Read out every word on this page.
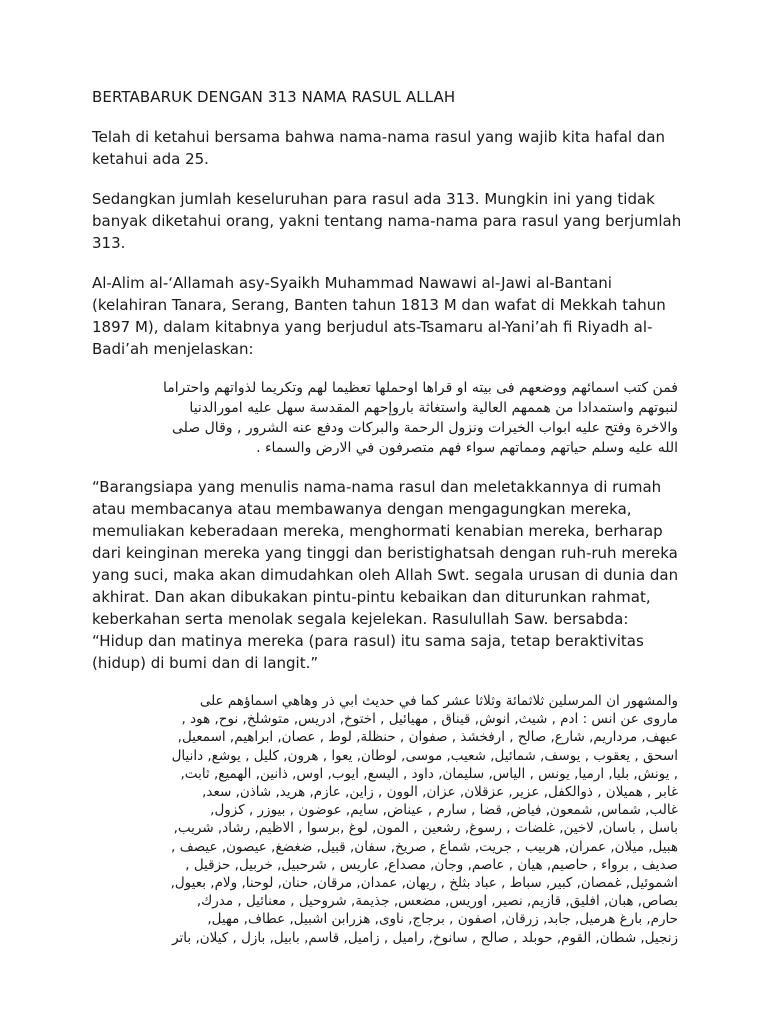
BERTABARUK DENGAN 313 NAMA RASUL ALLAH

Telah di ketahui bersama bahwa nama-nama rasul yang wajib kita hafal dan ketahui ada 25.

Sedangkan jumlah keseluruhan para rasul ada 313. Mungkin ini yang tidak banyak diketahui orang, yakni tentang nama-nama para rasul yang berjumlah 313.

Al-Alim al-‘Allamah asy-Syaikh Muhammad Nawawi al-Jawi al-Bantani (kelahiran Tanara, Serang, Banten tahun 1813 M dan wafat di Mekkah tahun 1897 M), dalam kitabnya yang berjudul ats-Tsamaru al-Yani’ah fi Riyadh al-Badi’ah menjelaskan:

فمن كتب اسمائهم ووضعهم فى بيته او قراها اوحملها تعظيما لهم وتكريما لذواتهم واحتراما
لنبوتهم واستمدادا من هممهم العالية واستغاثة باروإحهم المقدسة سهل عليه امورالدنيا
والاخرة وفتح عليه ابواب الخيرات ونزول الرحمة والبركات ودفع عنه الشرور , وقال صلى
الله عليه وسلم حياتهم ومماتهم سواء فهم متصرفون في الارض والسماء .

“Barangsiapa yang menulis nama-nama rasul dan meletakkannya di rumah atau membacanya atau membawanya dengan mengagungkan mereka, memuliakan keberadaan mereka, menghormati kenabian mereka, berharap dari keinginan mereka yang tinggi dan beristighatsah dengan ruh-ruh mereka yang suci, maka akan dimudahkan oleh Allah Swt. segala urusan di dunia dan akhirat. Dan akan dibukakan pintu-pintu kebaikan dan diturunkan rahmat, keberkahan serta menolak segala kejelekan. Rasulullah Saw. bersabda: “Hidup dan matinya mereka (para rasul) itu sama saja, tetap beraktivitas (hidup) di bumi dan di langit.”

والمشهور ان المرسلين ثلاثمائة وثلاثا عشر كما في حديث ابي ذر وهاهي اسماؤهم على
ماروى عن انس : ادم , شيث, انوش, قيناق , مهيائيل , اختوخ, ادريس, متوشلخ, نوح, هود ,
عبهف, مرداريم, شارع, صالح , ارفخشذ , صفوان , حنظلة, لوط , عصان, ابراهيم, اسمعيل,
اسحق , يعقوب , يوسف, شمائيل, شعيب, موسى, لوطان, يعوا , هرون, كليل , يوشع, دانيال
, يونش, بليا, ارميا, يونس , الياس, سليمان, داود , اليسع, ايوب, اوس, ذانين, الهميع, ثابت,
غابر , هميلان , ذوالكفل, عزير, عزقلان, عزان, الوون , زاين, عازم, هريد, شاذن, سعد,
غالب, شماس, شمعون, فياض, قضا , سارم , عيناض, سايم, عوضون , بيوزر , كزول,
باسل , باسان, لاخين, غلضات , رسوغ, رشعين , المون, لوغ ,برسوا , الاظيم, رشاد, شريب,
هبيل, ميلان, عمران, هربيب , جريت, شماع , صريخ, سفان, قبيل, ضغضغ, عيصون, عيصف ,
صديف , برواء , حاصيم, هيان , عاصم, وجان, مصداع, عاريس , شرحبيل, خربيل, حزقيل ,
اشموئيل, غمصان, كبير, سباط , عباد بثلخ , ريهان, عمدان, مرقان, حنان, لوحنا, ولام, بعيول,
بصاص, هبان, افليق, قازيم, نصير, اوريس, مضعس, جذيمة, شروحيل , معنائيل , مدرك,
حارم, بارغ هرميل, جابد, زرقان, اصفون , برجاج, ناوى, هزرابن اشبيل, عطاف, مهيل,
زنجيل, شطان, القوم, حوبلد , صالح , سانوخ, راميل , زاميل, قاسم, بابيل, بازل , كيلان, باتر
